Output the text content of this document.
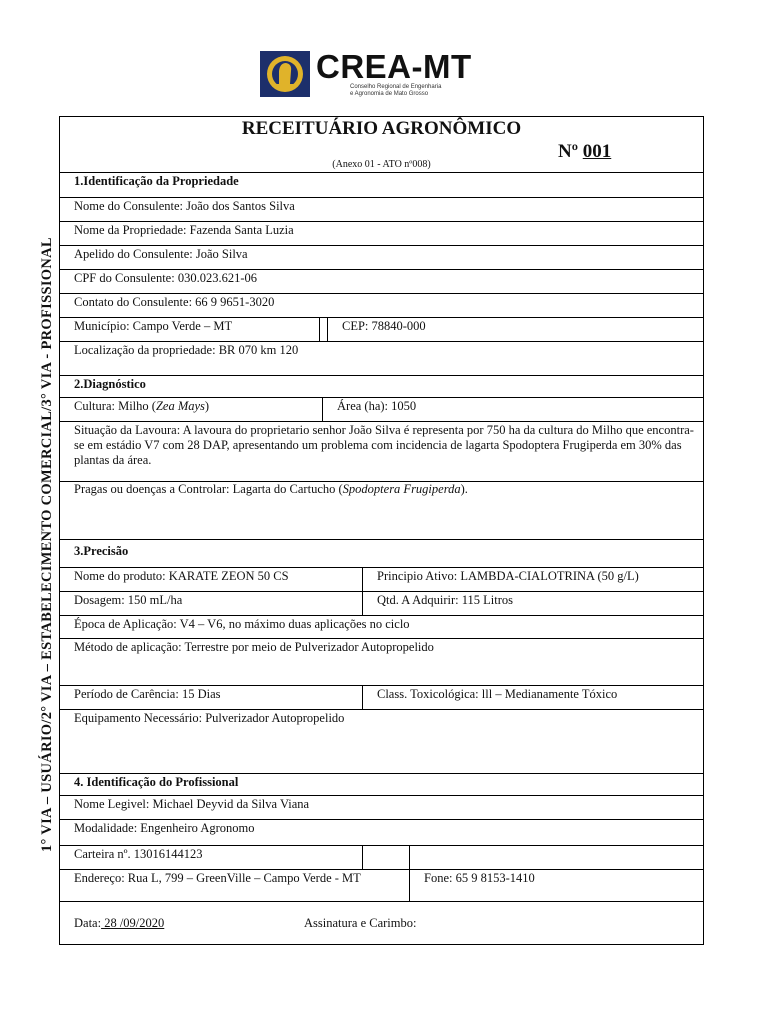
CREA-MT
Conselho Regional de Engenharia
e Agronomia de Mato Grosso
1° VIA – USUÁRIO/2° VIA – ESTABELECIMENTO COMERCIAL/3° VIA - PROFISSIONAL
RECEITUÁRIO AGRONÔMICO
Nº 001
(Anexo 01 - ATO nº008)
1.Identificação da Propriedade
Nome do Consulente: João dos Santos Silva
Nome da Propriedade: Fazenda Santa Luzia
Apelido do Consulente: João Silva
CPF do Consulente: 030.023.621-06
Contato do Consulente: 66 9 9651-3020
Município: Campo Verde – MT	CEP: 78840-000
Localização da propriedade: BR 070 km 120
2.Diagnóstico
Cultura: Milho (Zea Mays)	Área (ha): 1050
Situação da Lavoura: A lavoura do proprietario senhor João Silva é representa por 750 ha da cultura do Milho que encontra-se em estádio V7 com 28 DAP, apresentando um problema com incidencia de lagarta Spodoptera Frugiperda em 30% das plantas da área.
Pragas ou doenças a Controlar: Lagarta do Cartucho (Spodoptera Frugiperda).
3.Precisão
Nome do produto: KARATE ZEON 50 CS	Principio Ativo: LAMBDA-CIALOTRINA (50 g/L)
Dosagem: 150 mL/ha	Qtd. A Adquirir: 115 Litros
Época de Aplicação: V4 – V6, no máximo duas aplicações no ciclo
Método de aplicação: Terrestre por meio de Pulverizador Autopropelido
Período de Carência: 15 Dias	Class. Toxicológica: lll – Medianamente Tóxico
Equipamento Necessário: Pulverizador Autopropelido
4. Identificação do Profissional
Nome Legivel: Michael Deyvid da Silva Viana
Modalidade: Engenheiro Agronomo
Carteira nº. 13016144123
Endereço: Rua L, 799 – GreenVille – Campo Verde - MT	Fone: 65 9 8153-1410
Data: 28 /09/2020	Assinatura e Carimbo:
